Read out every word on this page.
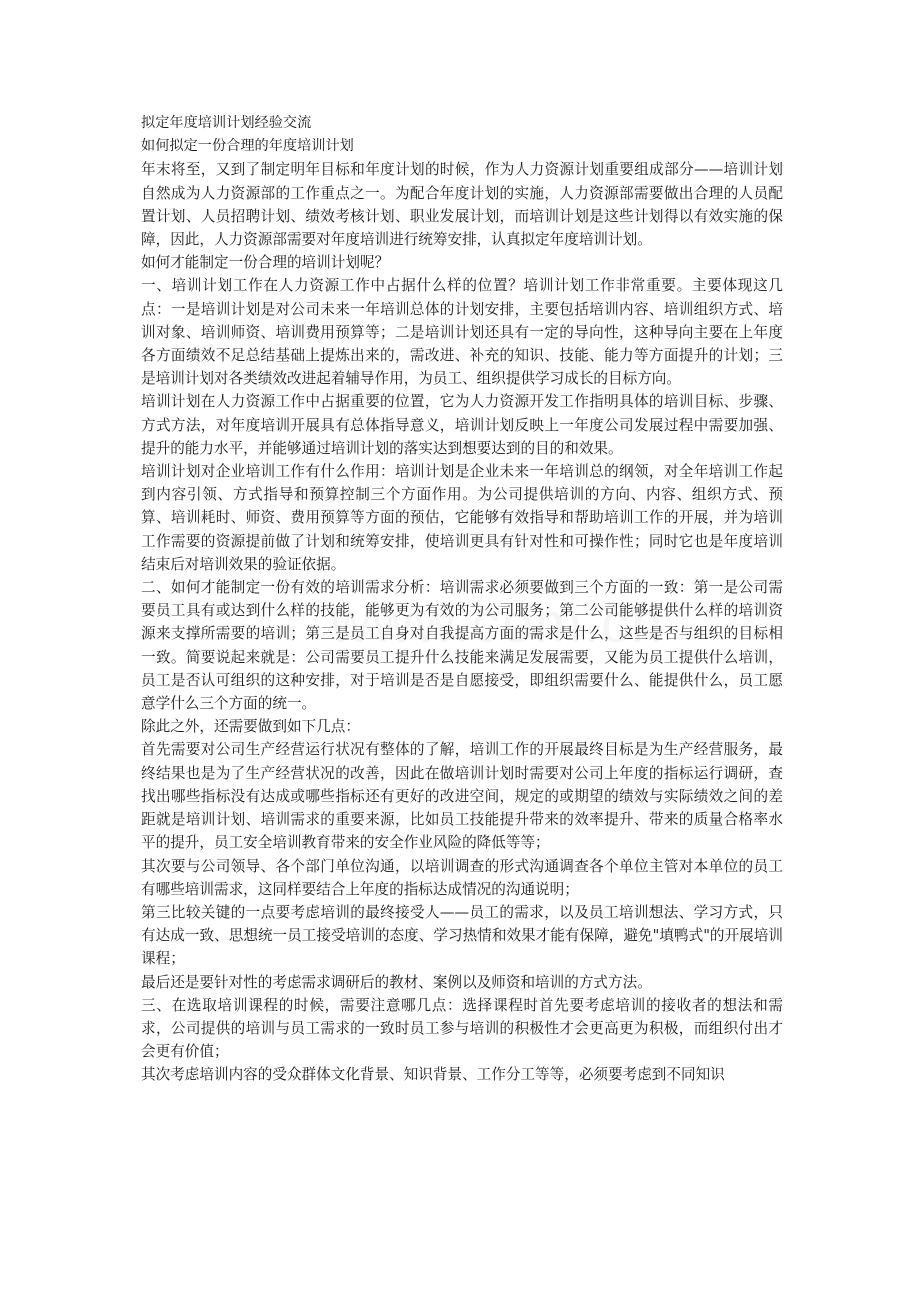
拟定年度培训计划经验交流

如何拟定一份合理的年度培训计划

年末将至，又到了制定明年目标和年度计划的时候，作为人力资源计划重要组成部分——培训计划自然成为人力资源部的工作重点之一。为配合年度计划的实施，人力资源部需要做出合理的人员配置计划、人员招聘计划、绩效考核计划、职业发展计划，而培训计划是这些计划得以有效实施的保障，因此，人力资源部需要对年度培训进行统筹安排，认真拟定年度培训计划。

如何才能制定一份合理的培训计划呢？

一、培训计划工作在人力资源工作中占据什么样的位置？培训计划工作非常重要。主要体现这几点：一是培训计划是对公司未来一年培训总体的计划安排，主要包括培训内容、培训组织方式、培训对象、培训师资、培训费用预算等；二是培训计划还具有一定的导向性，这种导向主要在上年度各方面绩效不足总结基础上提炼出来的，需改进、补充的知识、技能、能力等方面提升的计划；三是培训计划对各类绩效改进起着辅导作用，为员工、组织提供学习成长的目标方向。

培训计划在人力资源工作中占据重要的位置，它为人力资源开发工作指明具体的培训目标、步骤、方式方法，对年度培训开展具有总体指导意义，培训计划反映上一年度公司发展过程中需要加强、提升的能力水平，并能够通过培训计划的落实达到想要达到的目的和效果。

培训计划对企业培训工作有什么作用：培训计划是企业未来一年培训总的纲领，对全年培训工作起到内容引领、方式指导和预算控制三个方面作用。为公司提供培训的方向、内容、组织方式、预算、培训耗时、师资、费用预算等方面的预估，它能够有效指导和帮助培训工作的开展，并为培训工作需要的资源提前做了计划和统筹安排，使培训更具有针对性和可操作性；同时它也是年度培训结束后对培训效果的验证依据。

二、如何才能制定一份有效的培训需求分析：培训需求必须要做到三个方面的一致：第一是公司需要员工具有或达到什么样的技能，能够更为有效的为公司服务；第二公司能够提供什么样的培训资源来支撑所需要的培训；第三是员工自身对自我提高方面的需求是什么，这些是否与组织的目标相一致。简要说起来就是：公司需要员工提升什么技能来满足发展需要，又能为员工提供什么培训，员工是否认可组织的这种安排，对于培训是否是自愿接受，即组织需要什么、能提供什么，员工愿意学什么三个方面的统一。

除此之外，还需要做到如下几点：

首先需要对公司生产经营运行状况有整体的了解，培训工作的开展最终目标是为生产经营服务，最终结果也是为了生产经营状况的改善，因此在做培训计划时需要对公司上年度的指标运行调研，查找出哪些指标没有达成或哪些指标还有更好的改进空间，规定的或期望的绩效与实际绩效之间的差距就是培训计划、培训需求的重要来源，比如员工技能提升带来的效率提升、带来的质量合格率水平的提升，员工安全培训教育带来的安全作业风险的降低等等；

其次要与公司领导、各个部门单位沟通，以培训调查的形式沟通调查各个单位主管对本单位的员工有哪些培训需求，这同样要结合上年度的指标达成情况的沟通说明；

第三比较关键的一点要考虑培训的最终接受人——员工的需求，以及员工培训想法、学习方式，只有达成一致、思想统一员工接受培训的态度、学习热情和效果才能有保障，避免"填鸭式"的开展培训课程；

最后还是要针对性的考虑需求调研后的教材、案例以及师资和培训的方式方法。

三、在选取培训课程的时候，需要注意哪几点：选择课程时首先要考虑培训的接收者的想法和需求，公司提供的培训与员工需求的一致时员工参与培训的积极性才会更高更为积极，而组织付出才会更有价值；

其次考虑培训内容的受众群体文化背景、知识背景、工作分工等等，必须要考虑到不同知识
